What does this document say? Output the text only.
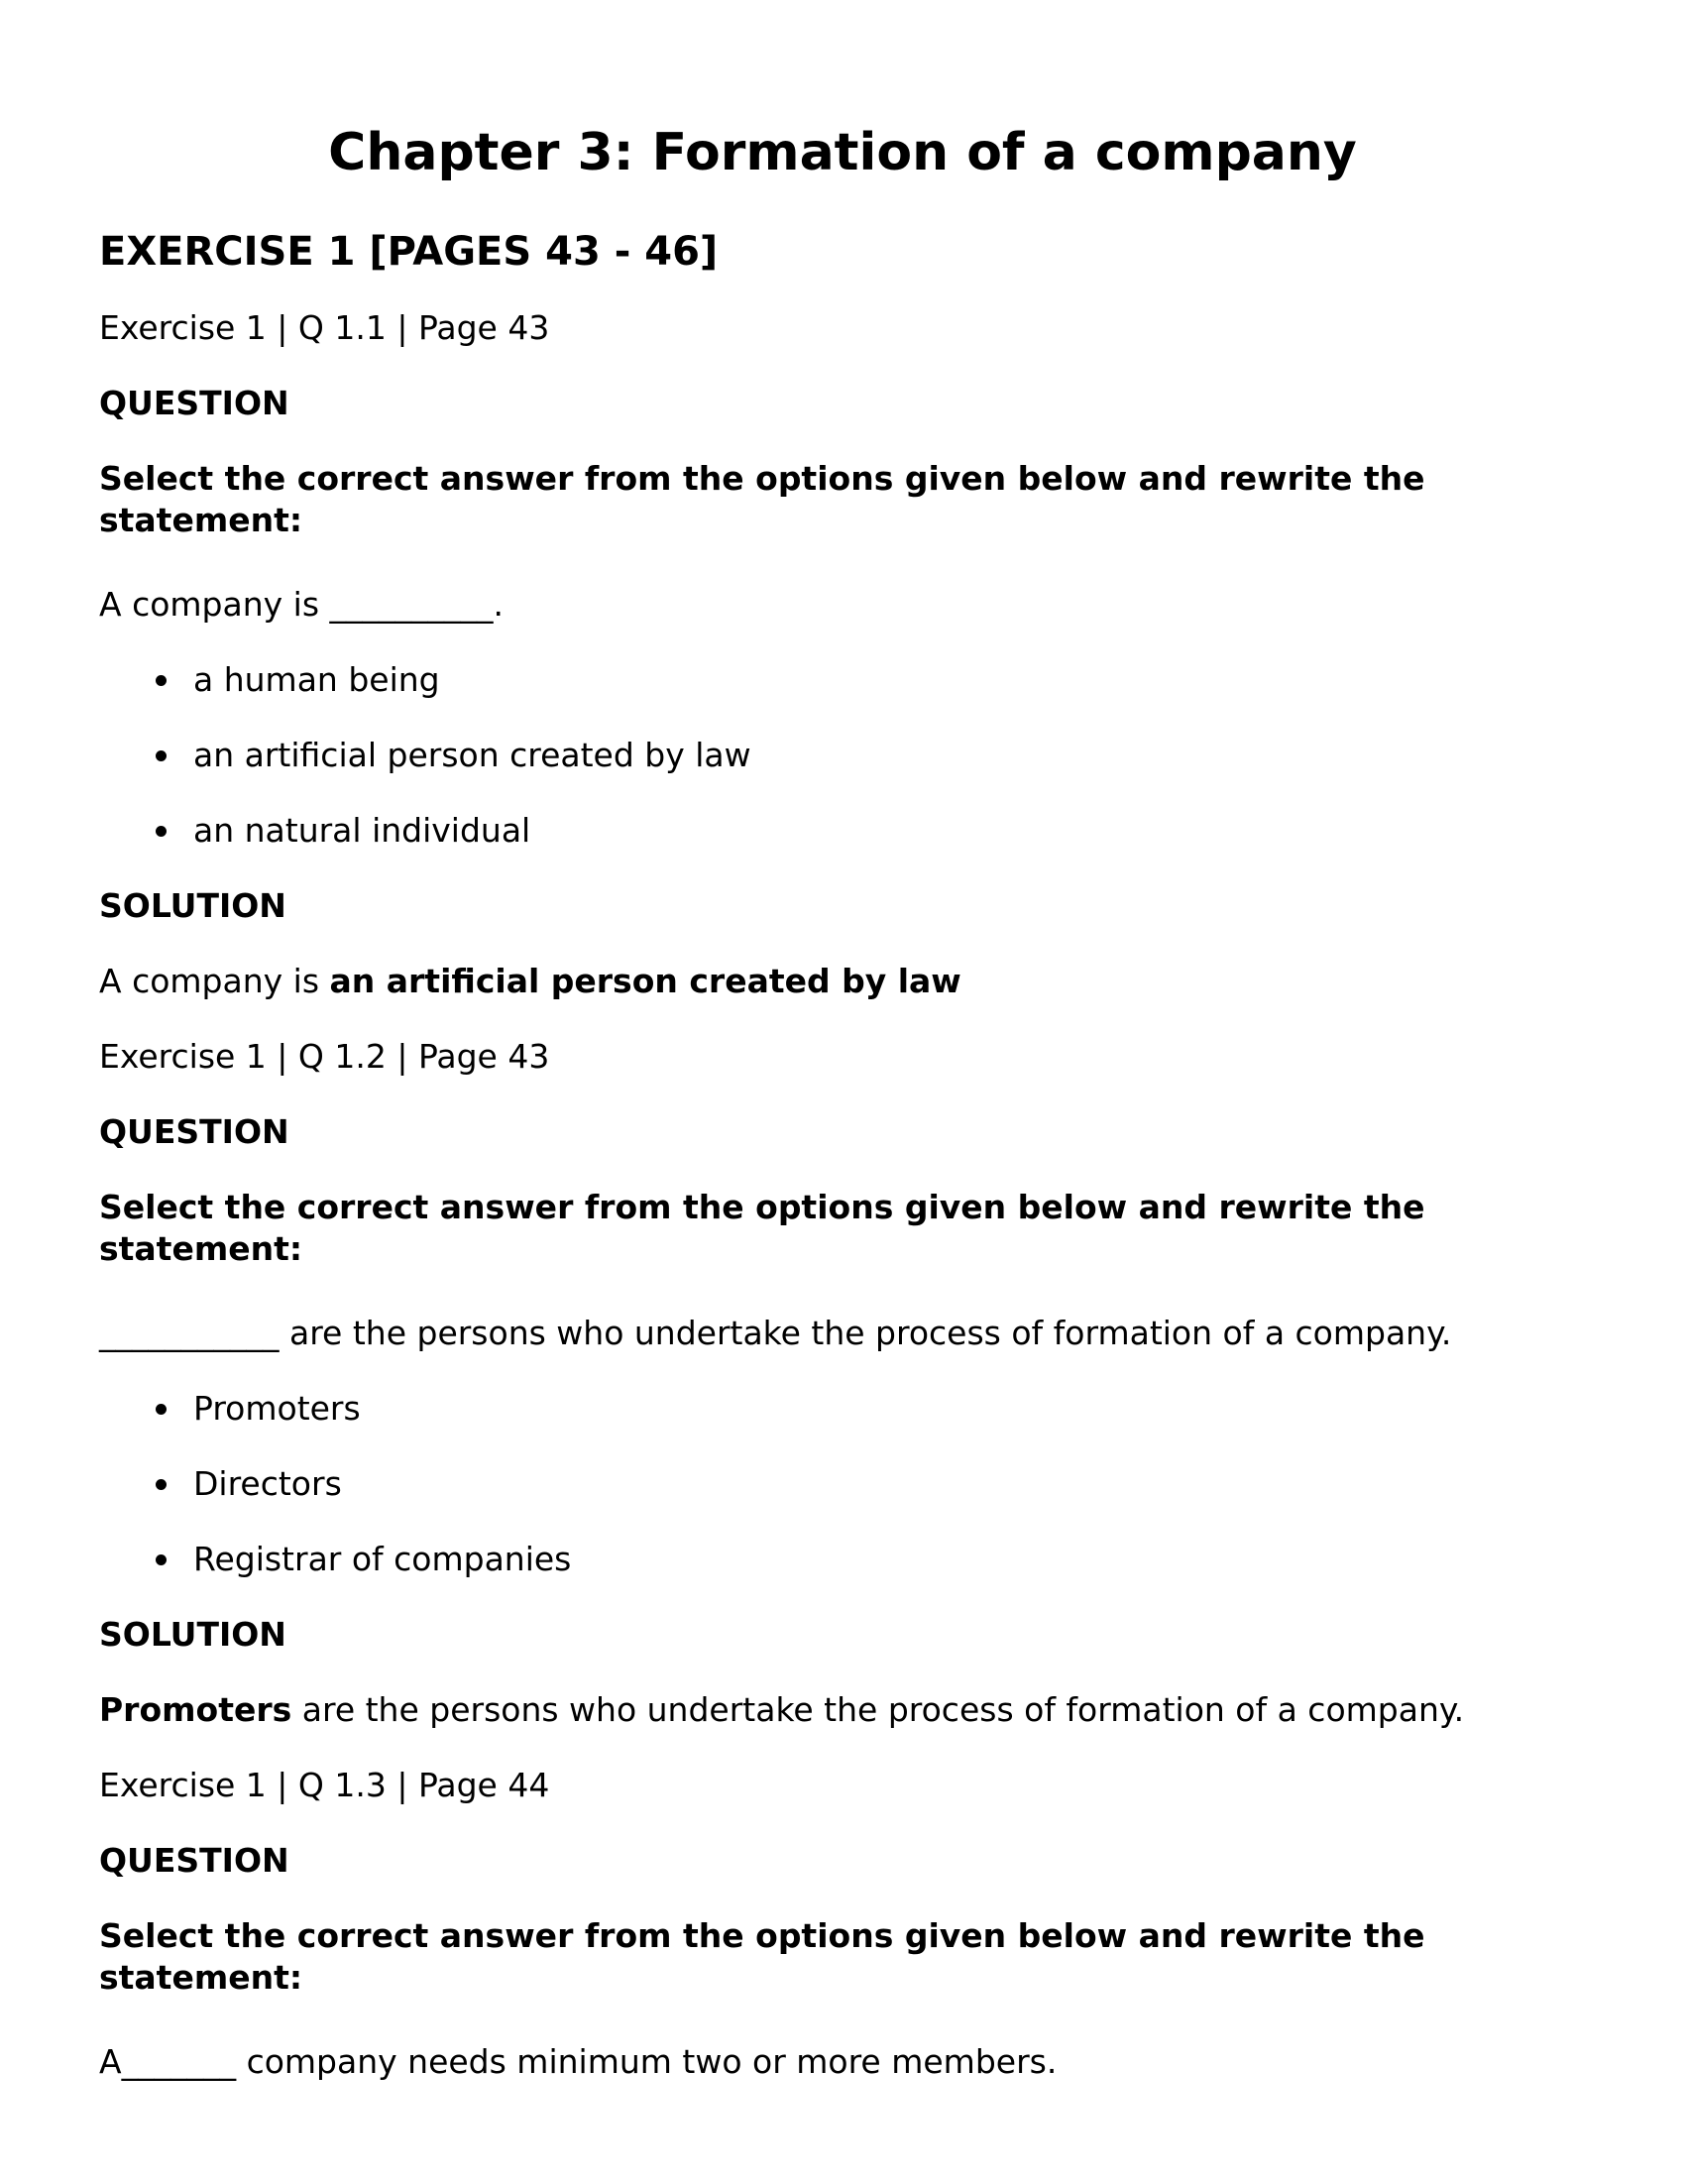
Chapter 3: Formation of a company
EXERCISE 1 [PAGES 43 - 46]

Exercise 1 | Q 1.1 | Page 43

QUESTION

Select the correct answer from the options given below and rewrite the statement:

A company is __________.

a human being
an artificial person created by law
an natural individual

SOLUTION

A company is an artificial person created by law

Exercise 1 | Q 1.2 | Page 43

QUESTION

Select the correct answer from the options given below and rewrite the statement:

___________ are the persons who undertake the process of formation of a company.

Promoters
Directors
Registrar of companies

SOLUTION

Promoters are the persons who undertake the process of formation of a company.

Exercise 1 | Q 1.3 | Page 44

QUESTION

Select the correct answer from the options given below and rewrite the statement:

A_______ company needs minimum two or more members.
